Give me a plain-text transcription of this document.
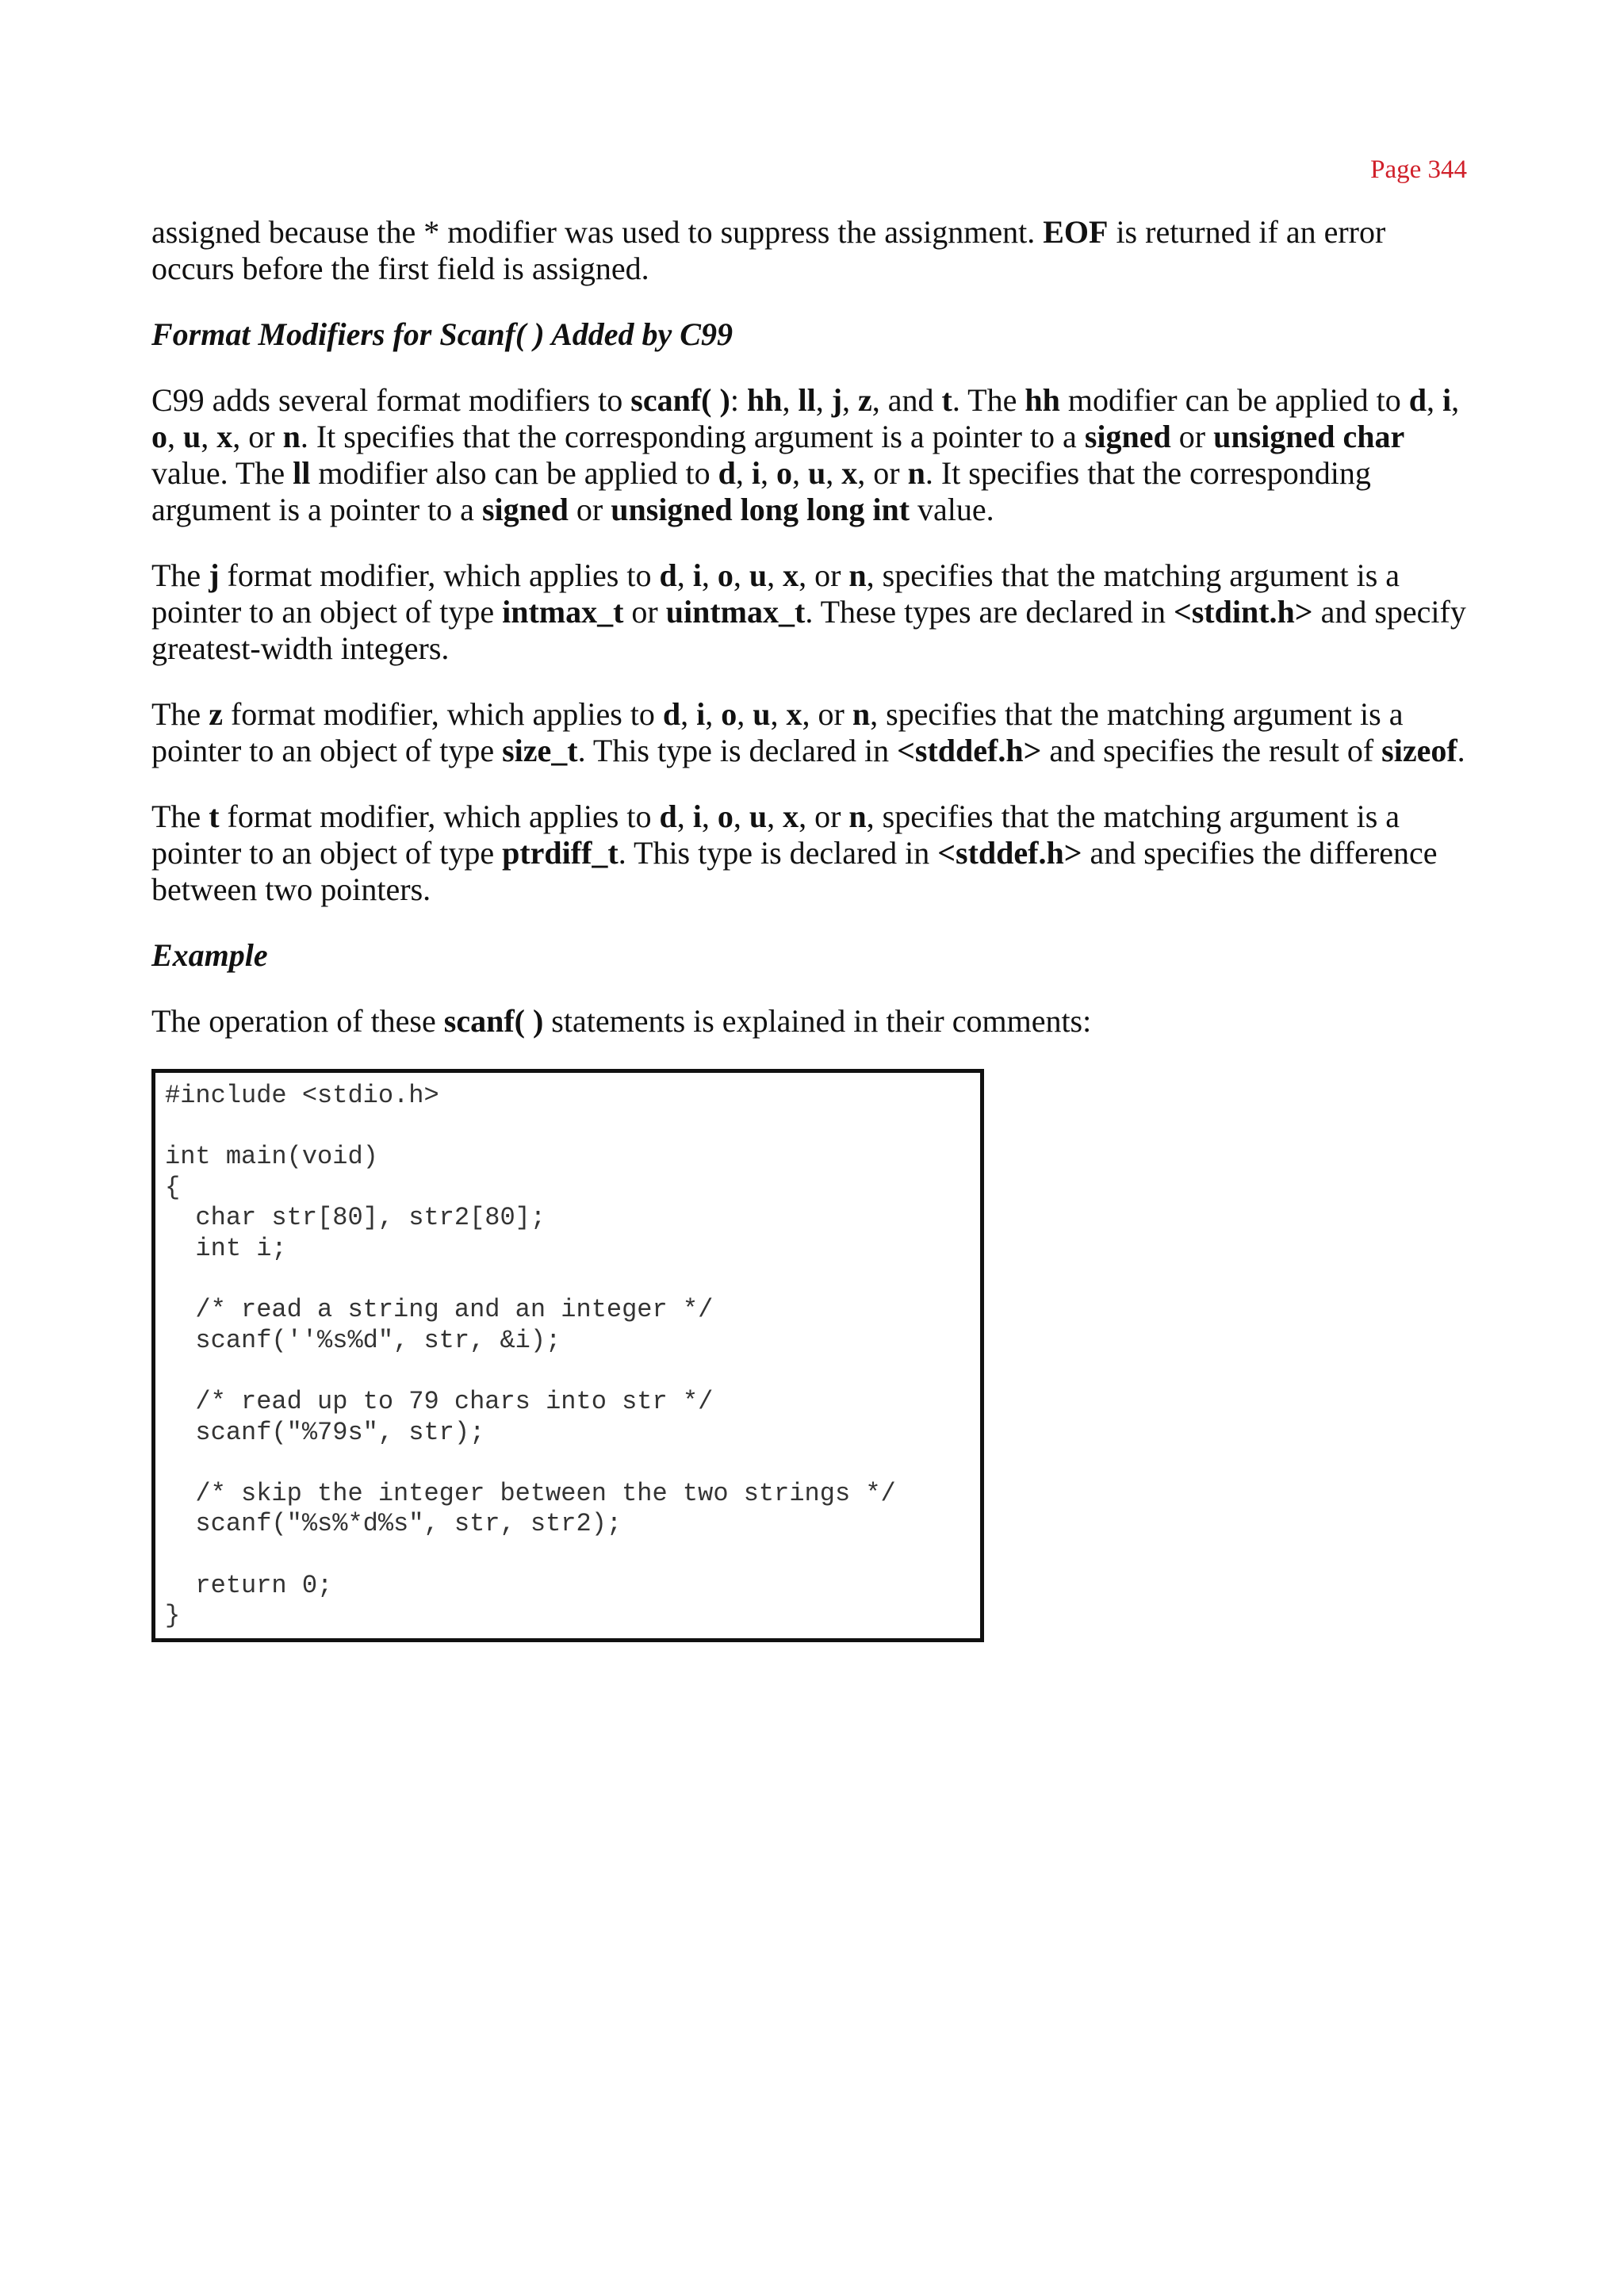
Page 344

assigned because the * modifier was used to suppress the assignment. EOF is returned if an error occurs before the first field is assigned.

Format Modifiers for Scanf( ) Added by C99

C99 adds several format modifiers to scanf( ): hh, ll, j, z, and t. The hh modifier can be applied to d, i, o, u, x, or n. It specifies that the corresponding argument is a pointer to a signed or unsigned char value. The ll modifier also can be applied to d, i, o, u, x, or n. It specifies that the corresponding argument is a pointer to a signed or unsigned long long int value.

The j format modifier, which applies to d, i, o, u, x, or n, specifies that the matching argument is a pointer to an object of type intmax_t or uintmax_t. These types are declared in <stdint.h> and specify greatest-width integers.

The z format modifier, which applies to d, i, o, u, x, or n, specifies that the matching argument is a pointer to an object of type size_t. This type is declared in <stddef.h> and specifies the result of sizeof.

The t format modifier, which applies to d, i, o, u, x, or n, specifies that the matching argument is a pointer to an object of type ptrdiff_t. This type is declared in <stddef.h> and specifies the difference between two pointers.

Example

The operation of these scanf( ) statements is explained in their comments:

#include <stdio.h>

int main(void)
{
char str[80], str2[80];
int i;

/* read a string and an integer */
scanf(''%s%d", str, &i);

/* read up to 79 chars into str */
scanf("%79s", str);

/* skip the integer between the two strings */
scanf("%s%*d%s", str, str2);

return 0;
}
